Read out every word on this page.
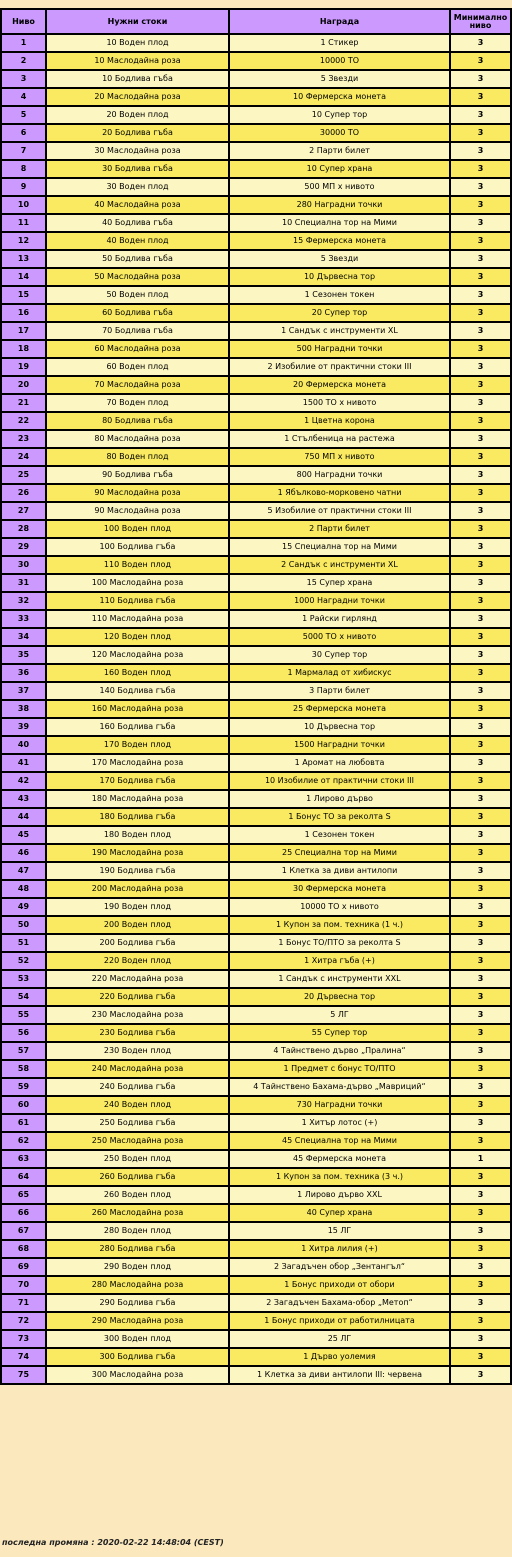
Ниво	Нужни стоки	Награда	Минимално
ниво
1	10 Воден плод	1 Стикер	3
2	10 Маслодайна роза	10000 ТО	3
3	10 Бодлива гъба	5 Звезди	3
4	20 Маслодайна роза	10 Фермерска монета	3
5	20 Воден плод	10 Супер тор	3
6	20 Бодлива гъба	30000 ТО	3
7	30 Маслодайна роза	2 Парти билет	3
8	30 Бодлива гъба	10 Супер храна	3
9	30 Воден плод	500 МП х нивото	3
10	40 Маслодайна роза	280 Наградни точки	3
11	40 Бодлива гъба	10 Специална тор на Мими	3
12	40 Воден плод	15 Фермерска монета	3
13	50 Бодлива гъба	5 Звезди	3
14	50 Маслодайна роза	10 Дървесна тор	3
15	50 Воден плод	1 Сезонен токен	3
16	60 Бодлива гъба	20 Супер тор	3
17	70 Бодлива гъба	1 Сандък с инструменти XL	3
18	60 Маслодайна роза	500 Наградни точки	3
19	60 Воден плод	2 Изобилие от практични стоки III	3
20	70 Маслодайна роза	20 Фермерска монета	3
21	70 Воден плод	1500 ТО х нивото	3
22	80 Бодлива гъба	1 Цветна корона	3
23	80 Маслодайна роза	1 Стълбеница на растежа	3
24	80 Воден плод	750 МП х нивото	3
25	90 Бодлива гъба	800 Наградни точки	3
26	90 Маслодайна роза	1 Ябълково-морковено чатни	3
27	90 Маслодайна роза	5 Изобилие от практични стоки III	3
28	100 Воден плод	2 Парти билет	3
29	100 Бодлива гъба	15 Специална тор на Мими	3
30	110 Воден плод	2 Сандък с инструменти XL	3
31	100 Маслодайна роза	15 Супер храна	3
32	110 Бодлива гъба	1000 Наградни точки	3
33	110 Маслодайна роза	1 Райски гирлянд	3
34	120 Воден плод	5000 ТО х нивото	3
35	120 Маслодайна роза	30 Супер тор	3
36	160 Воден плод	1 Мармалад от хибискус	3
37	140 Бодлива гъба	3 Парти билет	3
38	160 Маслодайна роза	25 Фермерска монета	3
39	160 Бодлива гъба	10 Дървесна тор	3
40	170 Воден плод	1500 Наградни точки	3
41	170 Маслодайна роза	1 Аромат на любовта	3
42	170 Бодлива гъба	10 Изобилие от практични стоки III	3
43	180 Маслодайна роза	1 Лирово дърво	3
44	180 Бодлива гъба	1 Бонус ТО за реколта S	3
45	180 Воден плод	1 Сезонен токен	3
46	190 Маслодайна роза	25 Специална тор на Мими	3
47	190 Бодлива гъба	1 Клетка за диви антилопи	3
48	200 Маслодайна роза	30 Фермерска монета	3
49	190 Воден плод	10000 ТО х нивото	3
50	200 Воден плод	1 Купон за пом. техника (1 ч.)	3
51	200 Бодлива гъба	1 Бонус ТО/ПТО за реколта S	3
52	220 Воден плод	1 Хитра гъба (+)	3
53	220 Маслодайна роза	1 Сандък с инструменти XXL	3
54	220 Бодлива гъба	20 Дървесна тор	3
55	230 Маслодайна роза	5 ЛГ	3
56	230 Бодлива гъба	55 Супер тор	3
57	230 Воден плод	4 Тайнствено дърво „Пралина“	3
58	240 Маслодайна роза	1 Предмет с бонус ТО/ПТО	3
59	240 Бодлива гъба	4 Тайнствено Бахама-дърво „Мавриций“	3
60	240 Воден плод	730 Наградни точки	3
61	250 Бодлива гъба	1 Хитър лотос (+)	3
62	250 Маслодайна роза	45 Специална тор на Мими	3
63	250 Воден плод	45 Фермерска монета	1
64	260 Бодлива гъба	1 Купон за пом. техника (3 ч.)	3
65	260 Воден плод	1 Лирово дърво XXL	3
66	260 Маслодайна роза	40 Супер храна	3
67	280 Воден плод	15 ЛГ	3
68	280 Бодлива гъба	1 Хитра лилия (+)	3
69	290 Воден плод	2 Загадъчен обор „Зентангъл“	3
70	280 Маслодайна роза	1 Бонус приходи от обори	3
71	290 Бодлива гъба	2 Загадъчен Бахама-обор „Метоп“	3
72	290 Маслодайна роза	1 Бонус приходи от работилницата	3
73	300 Воден плод	25 ЛГ	3
74	300 Бодлива гъба	1 Дърво уолемия	3
75	300 Маслодайна роза	1 Клетка за диви антилопи III: червена	3
последна промяна : 2020-02-22 14:48:04 (CEST)
